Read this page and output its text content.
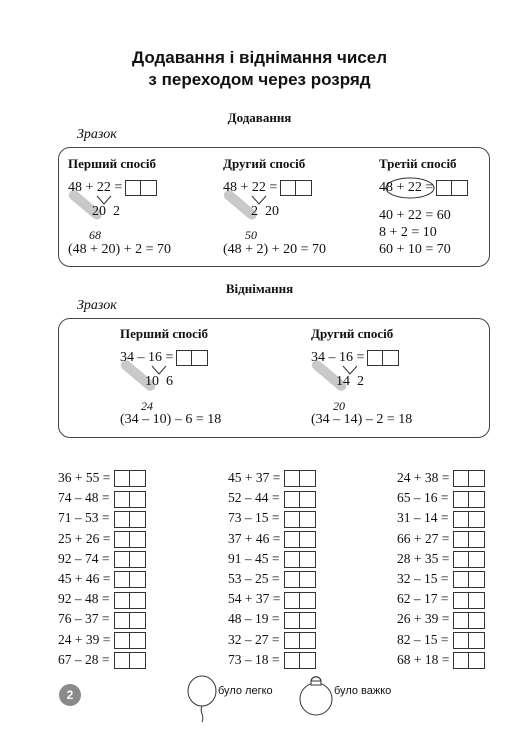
Додавання і віднімання чисел
з переходом через розряд
Додавання
Зразок
Перший спосіб
48 + 22 =
20 2
68
(48 + 20) + 2 = 70
Другий спосіб
48 + 22 =
2 20
50
(48 + 2) + 20 = 70
Третій спосіб
48 + 22 =
40 + 22 = 60
8 + 2 = 10
60 + 10 = 70
Віднімання
Зразок
Перший спосіб
34 – 16 =
10 6
24
(34 – 10) – 6 = 18
Другий спосіб
34 – 16 =
14 2
20
(34 – 14) – 2 = 18
36 + 55 =
74 – 48 =
71 – 53 =
25 + 26 =
92 – 74 =
45 + 46 =
92 – 48 =
76 – 37 =
24 + 39 =
67 – 28 =
45 + 37 =
52 – 44 =
73 – 15 =
37 + 46 =
91 – 45 =
53 – 25 =
54 + 37 =
48 – 19 =
32 – 27 =
73 – 18 =
24 + 38 =
65 – 16 =
31 – 14 =
66 + 27 =
28 + 35 =
32 – 15 =
62 – 17 =
26 + 39 =
82 – 15 =
68 + 18 =
2	було легко	було важко
